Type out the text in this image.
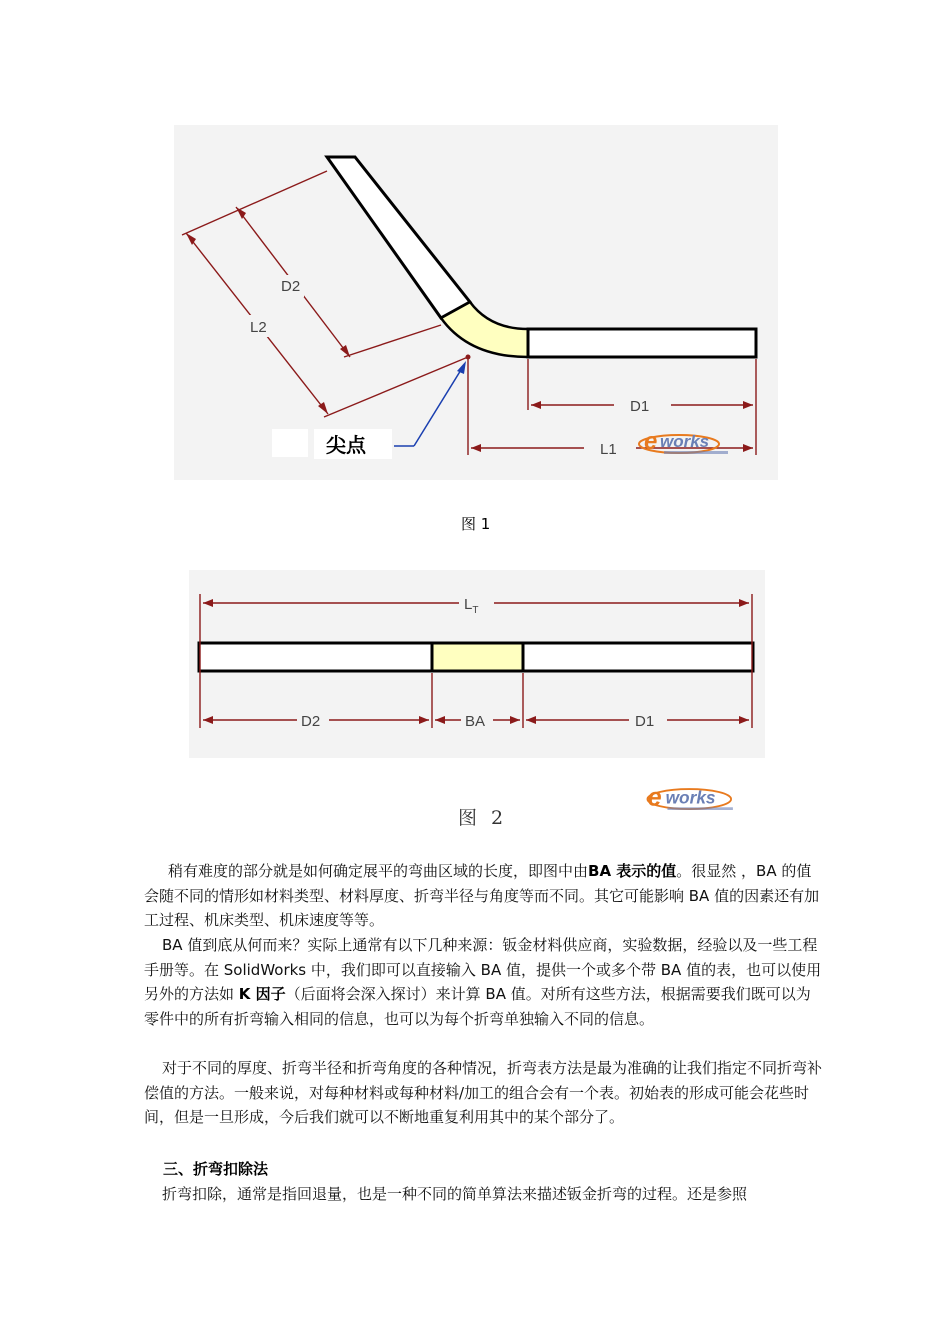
D2
L2
D1
L1
尖点	e works
图 1
$L_T$
D2	BA	D1
图 2
e works

稍有难度的部分就是如何确定展平的弯曲区域的长度，即图中由BA 表示的值。很显然 ，BA 的值会随不同的情形如材料类型、材料厚度、折弯半径与角度等而不同。其它可能影响 BA 值的因素还有加工过程、机床类型、机床速度等等。

BA 值到底从何而来？实际上通常有以下几种来源：钣金材料供应商，实验数据，经验以及一些工程手册等。在 SolidWorks 中，我们即可以直接输入 BA 值，提供一个或多个带 BA 值的表，也可以使用另外的方法如 K 因子（后面将会深入探讨）来计算 BA 值。对所有这些方法，根据需要我们既可以为零件中的所有折弯输入相同的信息，也可以为每个折弯单独输入不同的信息。

对于不同的厚度、折弯半径和折弯角度的各种情况，折弯表方法是最为准确的让我们指定不同折弯补偿值的方法。一般来说，对每种材料或每种材料/加工的组合会有一个表。初始表的形成可能会花些时间，但是一旦形成，今后我们就可以不断地重复利用其中的某个部分了。

三、折弯扣除法

折弯扣除，通常是指回退量，也是一种不同的简单算法来描述钣金折弯的过程。还是参照
